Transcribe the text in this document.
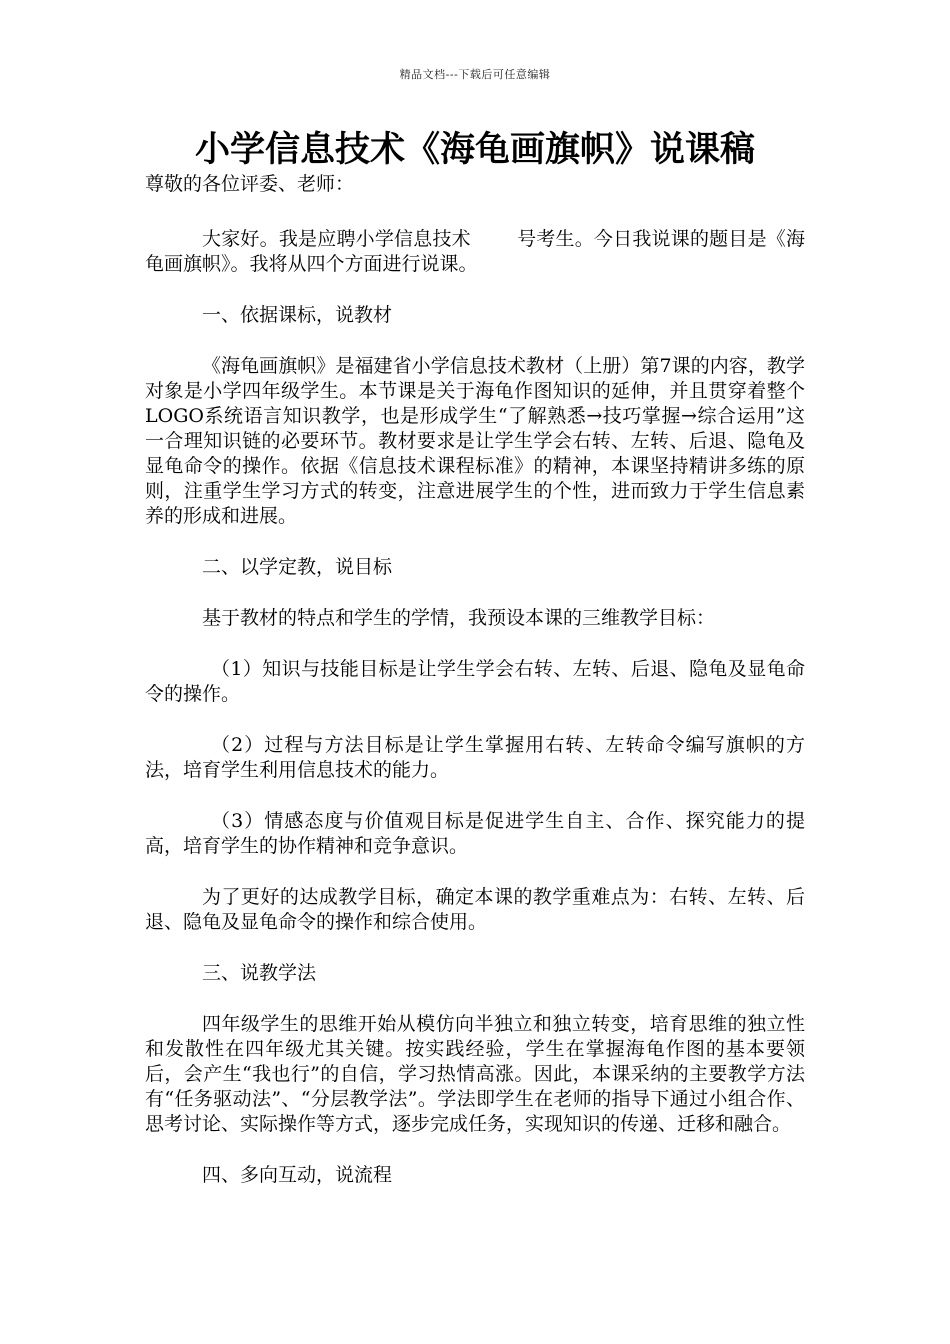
精品文档---下载后可任意编辑
小学信息技术《海龟画旗帜》说课稿

尊敬的各位评委、老师：

大家好。我是应聘小学信息技术 号考生。今日我说课的题目是《海龟画旗帜》。我将从四个方面进行说课。

一、依据课标，说教材

《海龟画旗帜》是福建省小学信息技术教材（上册）第7课的内容，教学对象是小学四年级学生。本节课是关于海龟作图知识的延伸，并且贯穿着整个LOGO系统语言知识教学，也是形成学生“了解熟悉→技巧掌握→综合运用”这一合理知识链的必要环节。教材要求是让学生学会右转、左转、后退、隐龟及显龟命令的操作。依据《信息技术课程标准》的精神，本课坚持精讲多练的原则，注重学生学习方式的转变，注意进展学生的个性，进而致力于学生信息素养的形成和进展。

二、以学定教，说目标

基于教材的特点和学生的学情，我预设本课的三维教学目标：

（1）知识与技能目标是让学生学会右转、左转、后退、隐龟及显龟命令的操作。

（2）过程与方法目标是让学生掌握用右转、左转命令编写旗帜的方法，培育学生利用信息技术的能力。

（3）情感态度与价值观目标是促进学生自主、合作、探究能力的提高，培育学生的协作精神和竞争意识。

为了更好的达成教学目标，确定本课的教学重难点为：右转、左转、后退、隐龟及显龟命令的操作和综合使用。

三、说教学法

四年级学生的思维开始从模仿向半独立和独立转变，培育思维的独立性和发散性在四年级尤其关键。按实践经验，学生在掌握海龟作图的基本要领后，会产生“我也行”的自信，学习热情高涨。因此，本课采纳的主要教学方法有“任务驱动法”、“分层教学法”。学法即学生在老师的指导下通过小组合作、思考讨论、实际操作等方式，逐步完成任务，实现知识的传递、迁移和融合。

四、多向互动，说流程
